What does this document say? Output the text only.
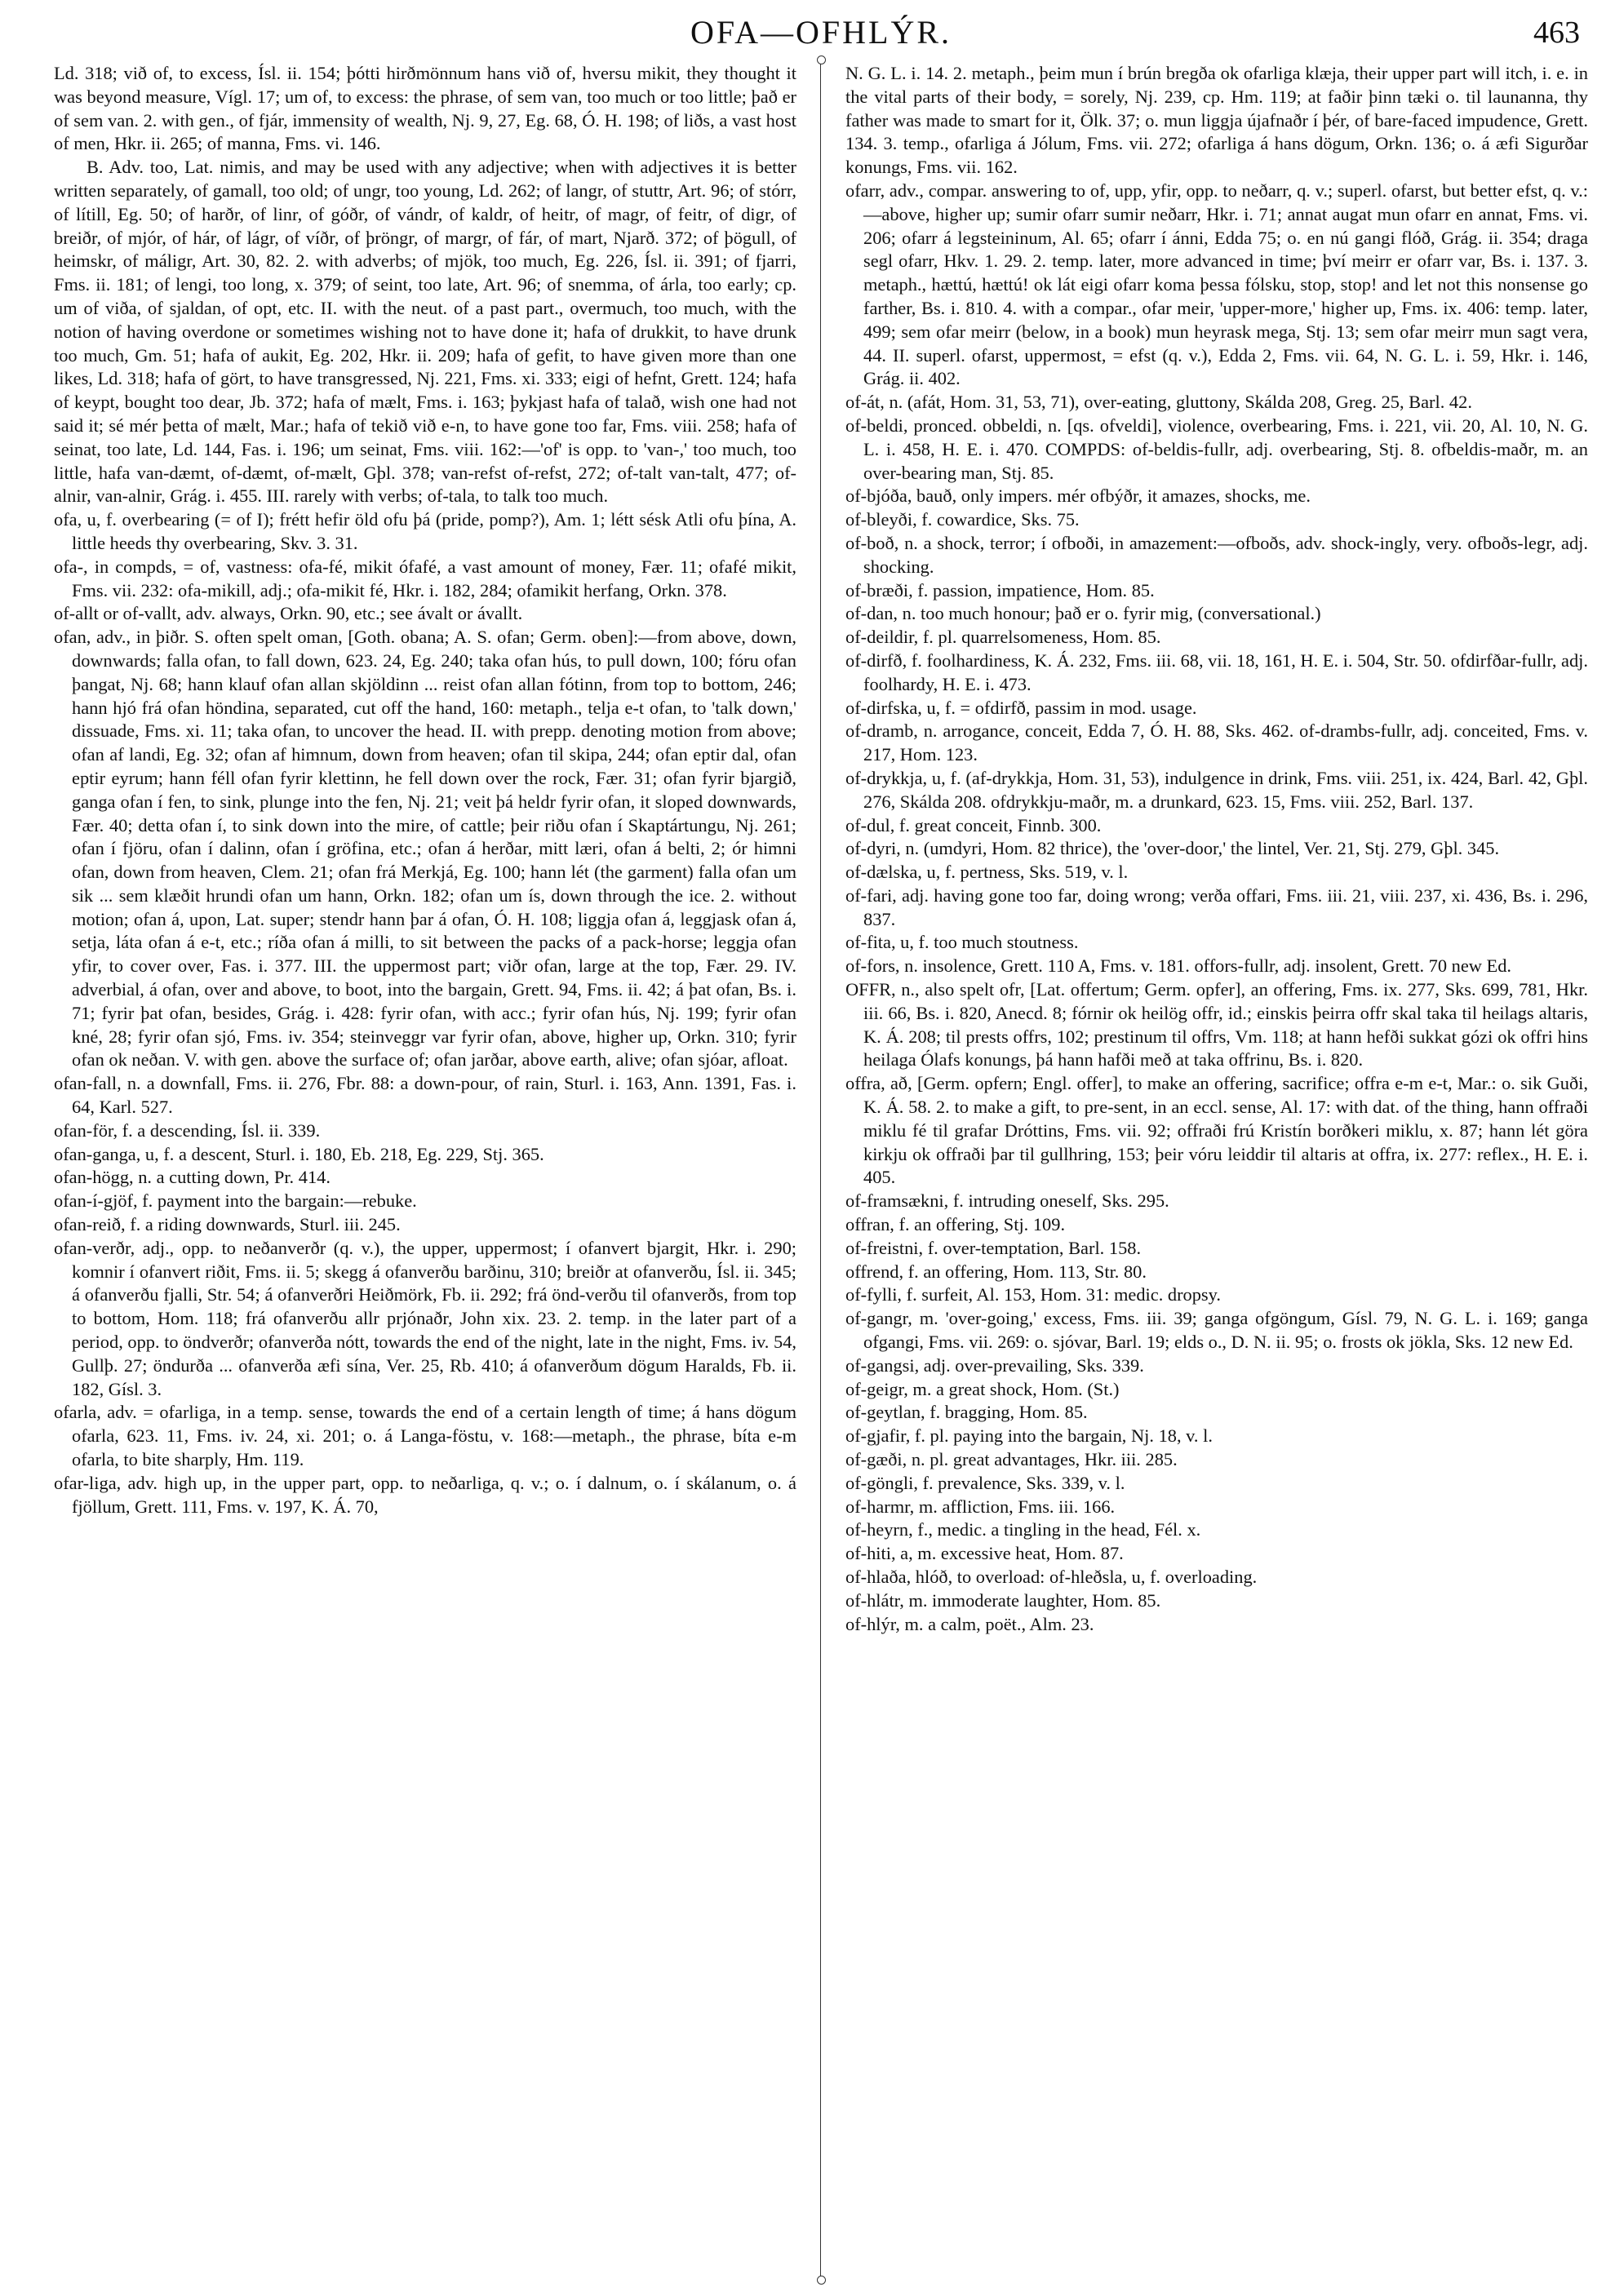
OFA—OFHLÝR.	463

Ld. 318; við of, to excess, Ísl. ii. 154; þótti hirðmönnum hans við of, hversu mikit, they thought it was beyond measure, Vígl. 17; um of, to excess: the phrase, of sem van, too much or too little; það er of sem van. 2. with gen., of fjár, immensity of wealth, Nj. 9, 27, Eg. 68, Ó. H. 198; of liðs, a vast host of men, Hkr. ii. 265; of manna, Fms. vi. 146.

B. Adv. too, Lat. nimis, and may be used with any adjective; when with adjectives it is better written separately, of gamall, too old; of ungr, too young, Ld. 262; of langr, of stuttr, Art. 96; of stórr, of lítill, Eg. 50; of harðr, of linr, of góðr, of vándr, of kaldr, of heitr, of magr, of feitr, of digr, of breiðr, of mjór, of hár, of lágr, of víðr, of þröngr, of margr, of fár, of mart, Njarð. 372; of þögull, of heimskr, of máligr, Art. 30, 82. 2. with adverbs; of mjök, too much, Eg. 226, Ísl. ii. 391; of fjarri, Fms. ii. 181; of lengi, too long, x. 379; of seint, too late, Art. 96; of snemma, of árla, too early; cp. um of viða, of sjaldan, of opt, etc. II. with the neut. of a past part., overmuch, too much, with the notion of having overdone or sometimes wishing not to have done it; hafa of drukkit, to have drunk too much, Gm. 51; hafa of aukit, Eg. 202, Hkr. ii. 209; hafa of gefit, to have given more than one likes, Ld. 318; hafa of gört, to have transgressed, Nj. 221, Fms. xi. 333; eigi of hefnt, Grett. 124; hafa of keypt, bought too dear, Jb. 372; hafa of mælt, Fms. i. 163; þykjast hafa of talað, wish one had not said it; sé mér þetta of mælt, Mar.; hafa of tekið við e-n, to have gone too far, Fms. viii. 258; hafa of seinat, too late, Ld. 144, Fas. i. 196; um seinat, Fms. viii. 162:—'of' is opp. to 'van-,' too much, too little, hafa van-dæmt, of-dæmt, of-mælt, Gþl. 378; van-refst of-refst, 272; of-talt van-talt, 477; of-alnir, van-alnir, Grág. i. 455. III. rarely with verbs; of-tala, to talk too much.

ofa, u, f. overbearing (= of I); frétt hefir öld ofu þá (pride, pomp?), Am. 1; létt sésk Atli ofu þína, A. little heeds thy overbearing, Skv. 3. 31.

ofa-, in compds, = of, vastness: ofa-fé, mikit ófafé, a vast amount of money, Fær. 11; ofafé mikit, Fms. vii. 232: ofa-mikill, adj.; ofa-mikit fé, Hkr. i. 182, 284; ofamikit herfang, Orkn. 378.

of-allt or of-vallt, adv. always, Orkn. 90, etc.; see ávalt or ávallt.

ofan, adv., in þiðr. S. often spelt oman, [Goth. obana; A. S. ofan; Germ. oben]:—from above, down, downwards; falla ofan, to fall down, 623. 24, Eg. 240; taka ofan hús, to pull down, 100; fóru ofan þangat, Nj. 68; hann klauf ofan allan skjöldinn ... reist ofan allan fótinn, from top to bottom, 246; hann hjó frá ofan höndina, separated, cut off the hand, 160: metaph., telja e-t ofan, to 'talk down,' dissuade, Fms. xi. 11; taka ofan, to uncover the head. II. with prepp. denoting motion from above; ofan af landi, Eg. 32; ofan af himnum, down from heaven; ofan til skipa, 244; ofan eptir dal, ofan eptir eyrum; hann féll ofan fyrir klettinn, he fell down over the rock, Fær. 31; ofan fyrir bjargið, ganga ofan í fen, to sink, plunge into the fen, Nj. 21; veit þá heldr fyrir ofan, it sloped downwards, Fær. 40; detta ofan í, to sink down into the mire, of cattle; þeir riðu ofan í Skaptártungu, Nj. 261; ofan í fjöru, ofan í dalinn, ofan í gröfina, etc.; ofan á herðar, mitt læri, ofan á belti, 2; ór himni ofan, down from heaven, Clem. 21; ofan frá Merkjá, Eg. 100; hann lét (the garment) falla ofan um sik ... sem klæðit hrundi ofan um hann, Orkn. 182; ofan um ís, down through the ice. 2. without motion; ofan á, upon, Lat. super; stendr hann þar á ofan, Ó. H. 108; liggja ofan á, leggjask ofan á, setja, láta ofan á e-t, etc.; ríða ofan á milli, to sit between the packs of a pack-horse; leggja ofan yfir, to cover over, Fas. i. 377. III. the uppermost part; viðr ofan, large at the top, Fær. 29. IV. adverbial, á ofan, over and above, to boot, into the bargain, Grett. 94, Fms. ii. 42; á þat ofan, Bs. i. 71; fyrir þat ofan, besides, Grág. i. 428: fyrir ofan, with acc.; fyrir ofan hús, Nj. 199; fyrir ofan kné, 28; fyrir ofan sjó, Fms. iv. 354; steinveggr var fyrir ofan, above, higher up, Orkn. 310; fyrir ofan ok neðan. V. with gen. above the surface of; ofan jarðar, above earth, alive; ofan sjóar, afloat.

ofan-fall, n. a downfall, Fms. ii. 276, Fbr. 88: a down-pour, of rain, Sturl. i. 163, Ann. 1391, Fas. i. 64, Karl. 527.

ofan-för, f. a descending, Ísl. ii. 339.

ofan-ganga, u, f. a descent, Sturl. i. 180, Eb. 218, Eg. 229, Stj. 365.

ofan-högg, n. a cutting down, Pr. 414.

ofan-í-gjöf, f. payment into the bargain:—rebuke.

ofan-reið, f. a riding downwards, Sturl. iii. 245.

ofan-verðr, adj., opp. to neðanverðr (q. v.), the upper, uppermost; í ofanvert bjargit, Hkr. i. 290; komnir í ofanvert riðit, Fms. ii. 5; skegg á ofanverðu barðinu, 310; breiðr at ofanverðu, Ísl. ii. 345; á ofanverðu fjalli, Str. 54; á ofanverðri Heiðmörk, Fb. ii. 292; frá önd-verðu til ofanverðs, from top to bottom, Hom. 118; frá ofanverðu allr prjónaðr, John xix. 23. 2. temp. in the later part of a period, opp. to öndverðr; ofanverða nótt, towards the end of the night, late in the night, Fms. iv. 54, Gullþ. 27; öndurða ... ofanverða æfi sína, Ver. 25, Rb. 410; á ofanverðum dögum Haralds, Fb. ii. 182, Gísl. 3.

ofarla, adv. = ofarliga, in a temp. sense, towards the end of a certain length of time; á hans dögum ofarla, 623. 11, Fms. iv. 24, xi. 201; o. á Langa-föstu, v. 168:—metaph., the phrase, bíta e-m ofarla, to bite sharply, Hm. 119.

ofar-liga, adv. high up, in the upper part, opp. to neðarliga, q. v.; o. í dalnum, o. í skálanum, o. á fjöllum, Grett. 111, Fms. v. 197, K. Á. 70,

N. G. L. i. 14. 2. metaph., þeim mun í brún bregða ok ofarliga klæja, their upper part will itch, i. e. in the vital parts of their body, = sorely, Nj. 239, cp. Hm. 119; at faðir þinn tæki o. til launanna, thy father was made to smart for it, Ölk. 37; o. mun liggja újafnaðr í þér, of bare-faced impudence, Grett. 134. 3. temp., ofarliga á Jólum, Fms. vii. 272; ofarliga á hans dögum, Orkn. 136; o. á æfi Sigurðar konungs, Fms. vii. 162.

ofarr, adv., compar. answering to of, upp, yfir, opp. to neðarr, q. v.; superl. ofarst, but better efst, q. v.:—above, higher up; sumir ofarr sumir neðarr, Hkr. i. 71; annat augat mun ofarr en annat, Fms. vi. 206; ofarr á legsteininum, Al. 65; ofarr í ánni, Edda 75; o. en nú gangi flóð, Grág. ii. 354; draga segl ofarr, Hkv. 1. 29. 2. temp. later, more advanced in time; því meirr er ofarr var, Bs. i. 137. 3. metaph., hættú, hættú! ok lát eigi ofarr koma þessa fólsku, stop, stop! and let not this nonsense go farther, Bs. i. 810. 4. with a compar., ofar meir, 'upper-more,' higher up, Fms. ix. 406: temp. later, 499; sem ofar meirr (below, in a book) mun heyrask mega, Stj. 13; sem ofar meirr mun sagt vera, 44. II. superl. ofarst, uppermost, = efst (q. v.), Edda 2, Fms. vii. 64, N. G. L. i. 59, Hkr. i. 146, Grág. ii. 402.

of-át, n. (afát, Hom. 31, 53, 71), over-eating, gluttony, Skálda 208, Greg. 25, Barl. 42.

of-beldi, pronced. obbeldi, n. [qs. ofveldi], violence, overbearing, Fms. i. 221, vii. 20, Al. 10, N. G. L. i. 458, H. E. i. 470. COMPDS: of-beldis-fullr, adj. overbearing, Stj. 8. ofbeldis-maðr, m. an over-bearing man, Stj. 85.

of-bjóða, bauð, only impers. mér ofbýðr, it amazes, shocks, me.

of-bleyði, f. cowardice, Sks. 75.

of-boð, n. a shock, terror; í ofboði, in amazement:—ofboðs, adv. shock-ingly, very. ofboðs-legr, adj. shocking.

of-bræði, f. passion, impatience, Hom. 85.

of-dan, n. too much honour; það er o. fyrir mig, (conversational.)

of-deildir, f. pl. quarrelsomeness, Hom. 85.

of-dirfð, f. foolhardiness, K. Á. 232, Fms. iii. 68, vii. 18, 161, H. E. i. 504, Str. 50. ofdirfðar-fullr, adj. foolhardy, H. E. i. 473.

of-dirfska, u, f. = ofdirfð, passim in mod. usage.

of-dramb, n. arrogance, conceit, Edda 7, Ó. H. 88, Sks. 462. of-drambs-fullr, adj. conceited, Fms. v. 217, Hom. 123.

of-drykkja, u, f. (af-drykkja, Hom. 31, 53), indulgence in drink, Fms. viii. 251, ix. 424, Barl. 42, Gþl. 276, Skálda 208. ofdrykkju-maðr, m. a drunkard, 623. 15, Fms. viii. 252, Barl. 137.

of-dul, f. great conceit, Finnb. 300.

of-dyri, n. (umdyri, Hom. 82 thrice), the 'over-door,' the lintel, Ver. 21, Stj. 279, Gþl. 345.

of-dælska, u, f. pertness, Sks. 519, v. l.

of-fari, adj. having gone too far, doing wrong; verða offari, Fms. iii. 21, viii. 237, xi. 436, Bs. i. 296, 837.

of-fita, u, f. too much stoutness.

of-fors, n. insolence, Grett. 110 A, Fms. v. 181. offors-fullr, adj. insolent, Grett. 70 new Ed.

OFFR, n., also spelt ofr, [Lat. offertum; Germ. opfer], an offering, Fms. ix. 277, Sks. 699, 781, Hkr. iii. 66, Bs. i. 820, Anecd. 8; fórnir ok heilög offr, id.; einskis þeirra offr skal taka til heilags altaris, K. Á. 208; til prests offrs, 102; prestinum til offrs, Vm. 118; at hann hefði sukkat gózi ok offri hins heilaga Ólafs konungs, þá hann hafði með at taka offrinu, Bs. i. 820.

offra, að, [Germ. opfern; Engl. offer], to make an offering, sacrifice; offra e-m e-t, Mar.: o. sik Guði, K. Á. 58. 2. to make a gift, to pre-sent, in an eccl. sense, Al. 17: with dat. of the thing, hann offraði miklu fé til grafar Dróttins, Fms. vii. 92; offraði frú Kristín borðkeri miklu, x. 87; hann lét göra kirkju ok offraði þar til gullhring, 153; þeir vóru leiddir til altaris at offra, ix. 277: reflex., H. E. i. 405.

of-framsækni, f. intruding oneself, Sks. 295.

offran, f. an offering, Stj. 109.

of-freistni, f. over-temptation, Barl. 158.

offrend, f. an offering, Hom. 113, Str. 80.

of-fylli, f. surfeit, Al. 153, Hom. 31: medic. dropsy.

of-gangr, m. 'over-going,' excess, Fms. iii. 39; ganga ofgöngum, Gísl. 79, N. G. L. i. 169; ganga ofgangi, Fms. vii. 269: o. sjóvar, Barl. 19; elds o., D. N. ii. 95; o. frosts ok jökla, Sks. 12 new Ed.

of-gangsi, adj. over-prevailing, Sks. 339.

of-geigr, m. a great shock, Hom. (St.)

of-geytlan, f. bragging, Hom. 85.

of-gjafir, f. pl. paying into the bargain, Nj. 18, v. l.

of-gæði, n. pl. great advantages, Hkr. iii. 285.

of-göngli, f. prevalence, Sks. 339, v. l.

of-harmr, m. affliction, Fms. iii. 166.

of-heyrn, f., medic. a tingling in the head, Fél. x.

of-hiti, a, m. excessive heat, Hom. 87.

of-hlaða, hlóð, to overload: of-hleðsla, u, f. overloading.

of-hlátr, m. immoderate laughter, Hom. 85.

of-hlýr, m. a calm, poët., Alm. 23.
